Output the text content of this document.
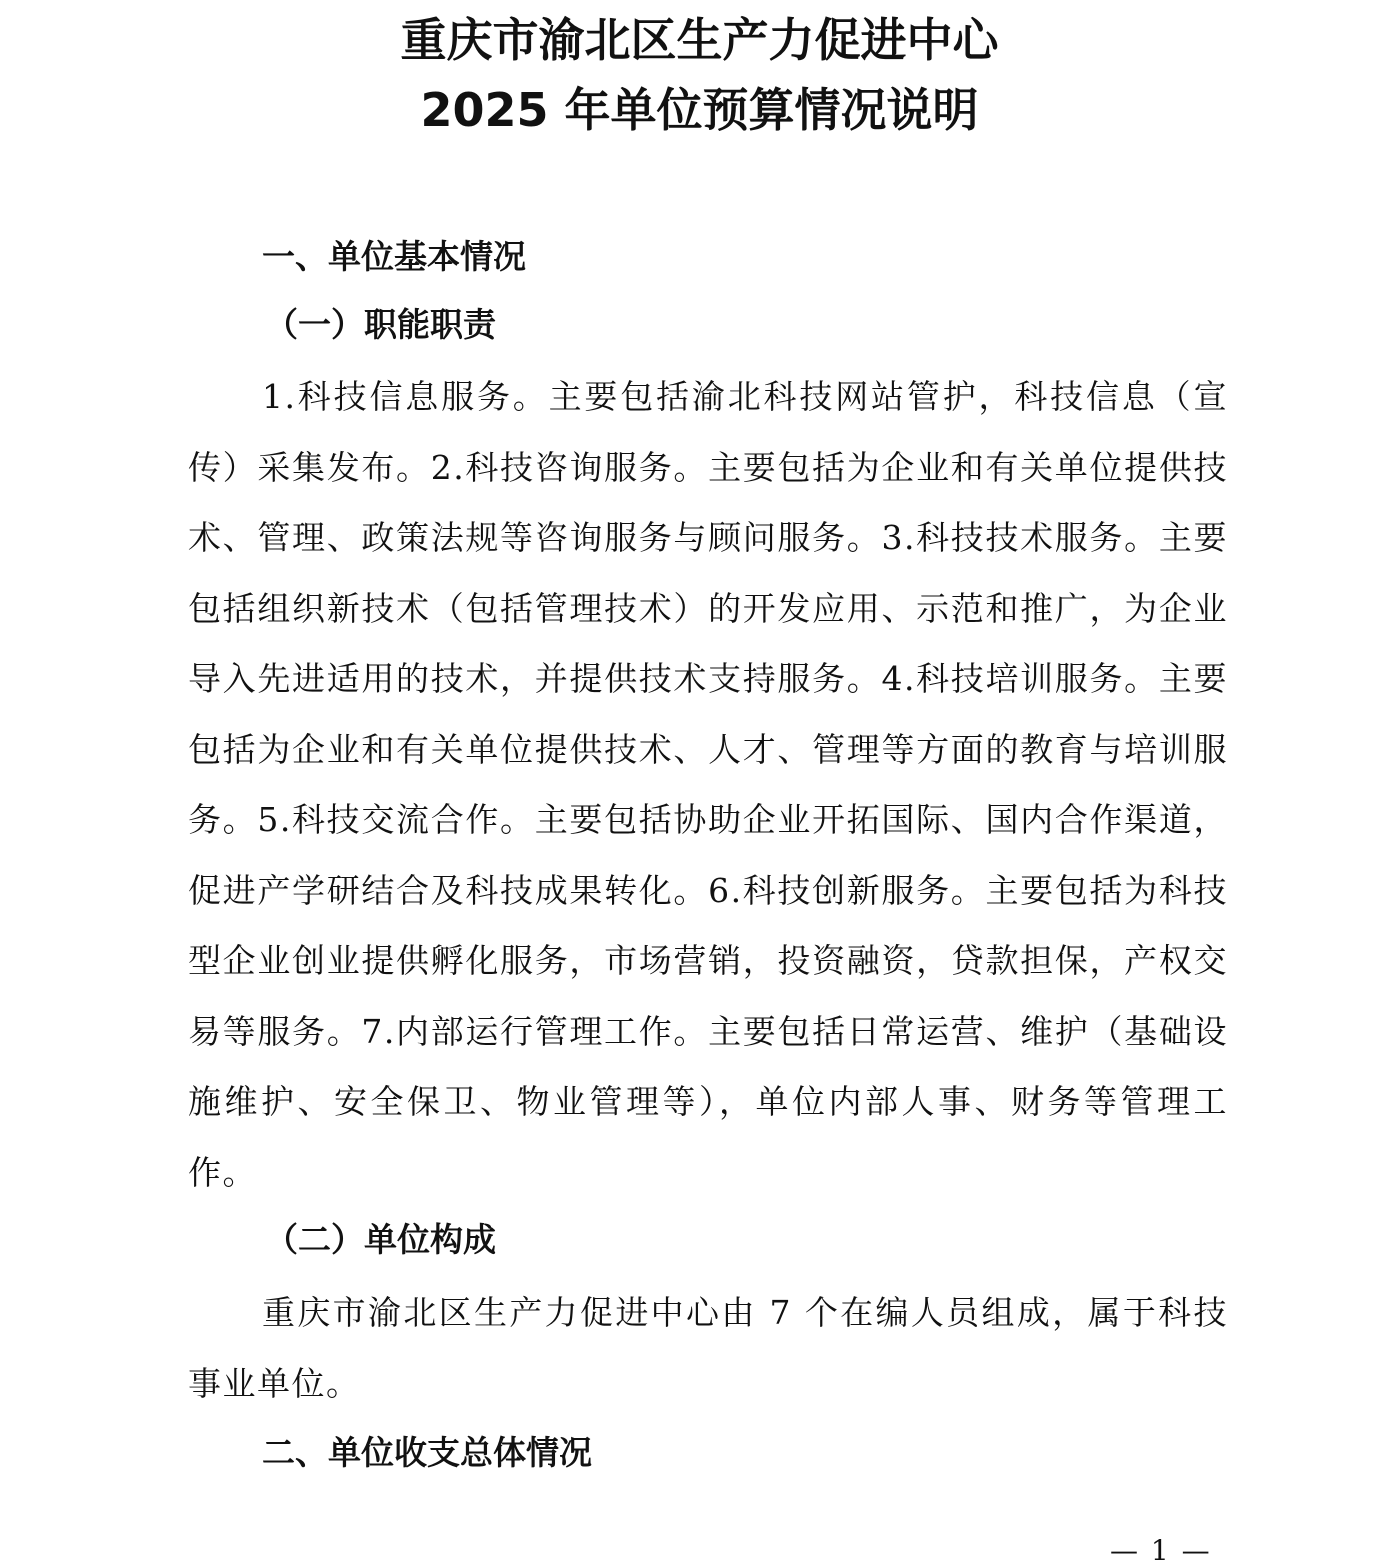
重庆市渝北区生产力促进中心
2025 年单位预算情况说明
一、单位基本情况
（一）职能职责

1.科技信息服务。主要包括渝北科技网站管护，科技信息（宣传）采集发布。2.科技咨询服务。主要包括为企业和有关单位提供技术、管理、政策法规等咨询服务与顾问服务。3.科技技术服务。主要包括组织新技术（包括管理技术）的开发应用、示范和推广，为企业导入先进适用的技术，并提供技术支持服务。4.科技培训服务。主要包括为企业和有关单位提供技术、人才、管理等方面的教育与培训服务。5.科技交流合作。主要包括协助企业开拓国际、国内合作渠道，促进产学研结合及科技成果转化。6.科技创新服务。主要包括为科技型企业创业提供孵化服务，市场营销，投资融资，贷款担保，产权交易等服务。7.内部运行管理工作。主要包括日常运营、维护（基础设施维护、安全保卫、物业管理等），单位内部人事、财务等管理工作。

（二）单位构成

重庆市渝北区生产力促进中心由 7 个在编人员组成，属于科技事业单位。

二、单位收支总体情况
— 1 —
